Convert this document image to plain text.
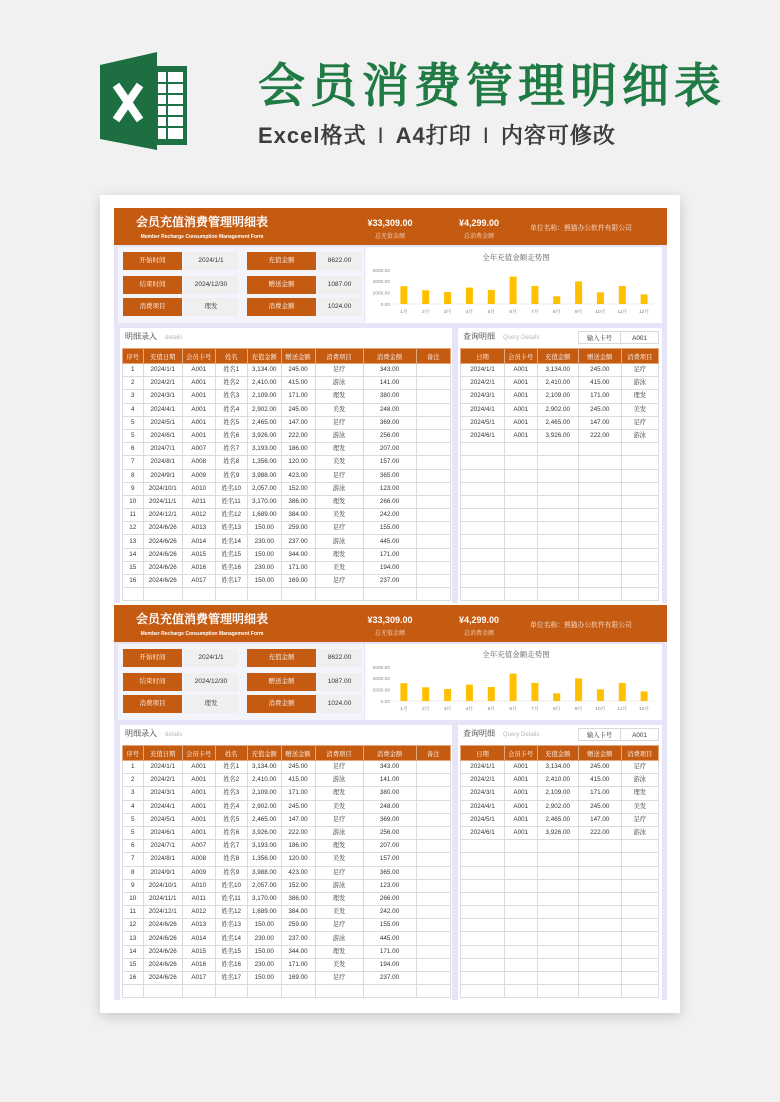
会员消费管理明细表
Excel格式 I A4打印 I 内容可修改
会员充值消费管理明细表
Member Recharge Consumption Management Form
¥33,309.00
总充值金额
¥4,299.00
总消费金额
单位名称：熊猫办公软件有限公司
开始时间	2024/1/1	充值金额	8622.00
结束时间	2024/12/30	赠送金额	1087.00
消费项目	理发	消费金额	1024.00
全年充值金额走势图
0.00
2000.00
4000.00
6000.00
1月	2月	3月	4月	5月	6月	7月	8月	9月	10月 11月 12月
明细录入 details
序号	充值日期	会员卡号	姓名	充值金额	赠送金额	消费项目	消费金额	备注
1	2024/1/1	A001	姓名1	3,134.00	245.00	足疗	343.00	
2	2024/2/1	A001	姓名2	2,410.00	415.00	游泳	141.00	
3	2024/3/1	A001	姓名3	2,109.00	171.00	理发	380.00	
4	2024/4/1	A001	姓名4	2,902.00	245.00	美发	248.00	
5	2024/5/1	A001	姓名5	2,465.00	147.00	足疗	369.00	
5	2024/6/1	A001	姓名6	3,926.00	222.00	游泳	256.00	
6	2024/7/1	A007	姓名7	3,193.00	186.00	理发	207.00	
7	2024/8/1	A008	姓名8	1,356.00	120.00	美发	157.00	
8	2024/9/1	A009	姓名9	3,988.00	423.00	足疗	365.00	
9	2024/10/1	A010	姓名10	2,057.00	152.00	游泳	123.00	
10	2024/11/1	A011	姓名11	3,170.00	386.00	理发	266.00	
11	2024/12/1	A012	姓名12	1,689.00	384.00	美发	242.00	
12	2024/6/26	A013	姓名13	150.00	259.00	足疗	155.00	
13	2024/6/26	A014	姓名14	230.00	237.00	游泳	445.00	
14	2024/6/26	A015	姓名15	150.00	344.00	理发	171.00	
15	2024/6/26	A016	姓名16	230.00	171.00	美发	194.00	
16	2024/6/26	A017	姓名17	150.00	169.00	足疗	237.00	

查询明细 Query Details	输入卡号	A001
日期	会员卡号	充值金额	赠送金额	消费项目
2024/1/1	A001	3,134.00	245.00	足疗
2024/2/1	A001	2,410.00	415.00	游泳
2024/3/1	A001	2,109.00	171.00	理发
2024/4/1	A001	2,902.00	245.00	美发
2024/5/1	A001	2,465.00	147.00	足疗
2024/6/1	A001	3,926.00	222.00	游泳

会员充值消费管理明细表
Member Recharge Consumption Management Form
¥33,309.00
总充值金额
¥4,299.00
总消费金额
单位名称：熊猫办公软件有限公司
开始时间	2024/1/1	充值金额	8622.00
结束时间	2024/12/30	赠送金额	1087.00
消费项目	理发	消费金额	1024.00
全年充值金额走势图
0.00
2000.00
4000.00
6000.00
1月	2月	3月	4月	5月	6月	7月	8月	9月	10月 11月 12月
明细录入 details
序号	充值日期	会员卡号	姓名	充值金额	赠送金额	消费项目	消费金额	备注
1	2024/1/1	A001	姓名1	3,134.00	245.00	足疗	343.00	
2	2024/2/1	A001	姓名2	2,410.00	415.00	游泳	141.00	
3	2024/3/1	A001	姓名3	2,109.00	171.00	理发	380.00	
4	2024/4/1	A001	姓名4	2,902.00	245.00	美发	248.00	
5	2024/5/1	A001	姓名5	2,465.00	147.00	足疗	369.00	
5	2024/6/1	A001	姓名6	3,926.00	222.00	游泳	256.00	
6	2024/7/1	A007	姓名7	3,193.00	186.00	理发	207.00	
7	2024/8/1	A008	姓名8	1,356.00	120.00	美发	157.00	
8	2024/9/1	A009	姓名9	3,988.00	423.00	足疗	365.00	
9	2024/10/1	A010	姓名10	2,057.00	152.00	游泳	123.00	
10	2024/11/1	A011	姓名11	3,170.00	386.00	理发	266.00	
11	2024/12/1	A012	姓名12	1,689.00	384.00	美发	242.00	
12	2024/6/26	A013	姓名13	150.00	259.00	足疗	155.00	
13	2024/6/26	A014	姓名14	230.00	237.00	游泳	445.00	
14	2024/6/26	A015	姓名15	150.00	344.00	理发	171.00	
15	2024/6/26	A016	姓名16	230.00	171.00	美发	194.00	
16	2024/6/26	A017	姓名17	150.00	169.00	足疗	237.00	

查询明细 Query Details	输入卡号	A001
日期	会员卡号	充值金额	赠送金额	消费项目
2024/1/1	A001	3,134.00	245.00	足疗
2024/2/1	A001	2,410.00	415.00	游泳
2024/3/1	A001	2,109.00	171.00	理发
2024/4/1	A001	2,902.00	245.00	美发
2024/5/1	A001	2,465.00	147.00	足疗
2024/6/1	A001	3,926.00	222.00	游泳
